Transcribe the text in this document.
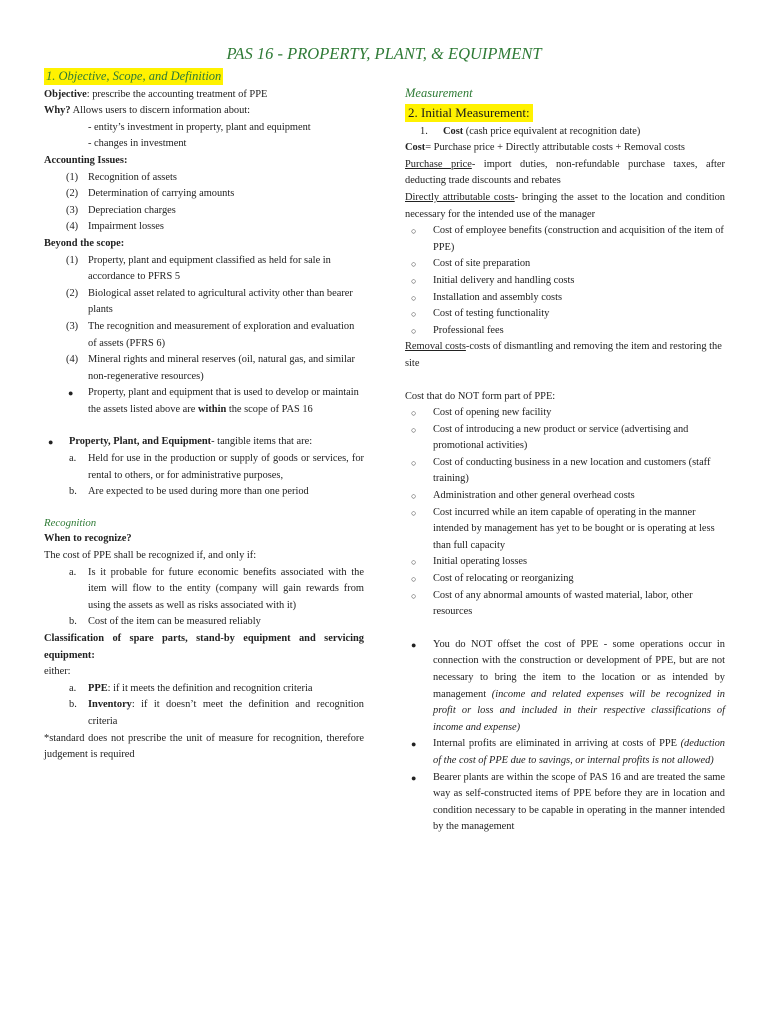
PAS 16 - PROPERTY, PLANT, & EQUIPMENT
1. Objective, Scope, and Definition

Objective: prescribe the accounting treatment of PPE

Why? Allows users to discern information about:

- entity’s investment in property, plant and equipment

- changes in investment

Accounting Issues:

(1) Recognition of assets
(2) Determination of carrying amounts
(3) Depreciation charges
(4) Impairment losses

Beyond the scope:

(1) Property, plant and equipment classified as held for sale in accordance to PFRS 5
(2) Biological asset related to agricultural activity other than bearer plants
(3) The recognition and measurement of exploration and evaluation of assets (PFRS 6)
(4) Mineral rights and mineral reserves (oil, natural gas, and similar non-regenerative resources)
● Property, plant and equipment that is used to develop or maintain the assets listed above are within the scope of PAS 16
● Property, Plant, and Equipment- tangible items that are:
a. Held for use in the production or supply of goods or services, for rental to others, or for administrative purposes,
b. Are expected to be used during more than one period

Recognition

When to recognize?

The cost of PPE shall be recognized if, and only if:

a. Is it probable for future economic benefits associated with the item will flow to the entity (company will gain rewards from using the assets as well as risks associated with it)
b. Cost of the item can be measured reliably

Classification of spare parts, stand-by equipment and servicing equipment:

either:

a. PPE: if it meets the definition and recognition criteria
b. Inventory: if it doesn’t meet the definition and recognition criteria

*standard does not prescribe the unit of measure for recognition, therefore judgement is required

Measurement

2. Initial Measurement:
1. Cost (cash price equivalent at recognition date)

Cost= Purchase price + Directly attributable costs + Removal costs

Purchase price- import duties, non-refundable purchase taxes, after deducting trade discounts and rebates

Directly attributable costs- bringing the asset to the location and condition necessary for the intended use of the manager

○ Cost of employee benefits (construction and acquisition of the item of PPE)
○ Cost of site preparation
○ Initial delivery and handling costs
○ Installation and assembly costs
○ Cost of testing functionality
○ Professional fees

Removal costs-costs of dismantling and removing the item and restoring the site

Cost that do NOT form part of PPE:

○ Cost of opening new facility
○ Cost of introducing a new product or service (advertising and promotional activities)
○ Cost of conducting business in a new location and customers (staff training)
○ Administration and other general overhead costs
○ Cost incurred while an item capable of operating in the manner intended by management has yet to be bought or is operating at less than full capacity
○ Initial operating losses
○ Cost of relocating or reorganizing
○ Cost of any abnormal amounts of wasted material, labor, other resources
● You do NOT offset the cost of PPE - some operations occur in connection with the construction or development of PPE, but are not necessary to bring the item to the location or as intended by management (income and related expenses will be recognized in profit or loss and included in their respective classifications of income and expense)
● Internal profits are eliminated in arriving at costs of PPE (deduction of the cost of PPE due to savings, or internal profits is not allowed)
● Bearer plants are within the scope of PAS 16 and are treated the same way as self-constructed items of PPE before they are in location and condition necessary to be capable in operating in the manner intended by the management
